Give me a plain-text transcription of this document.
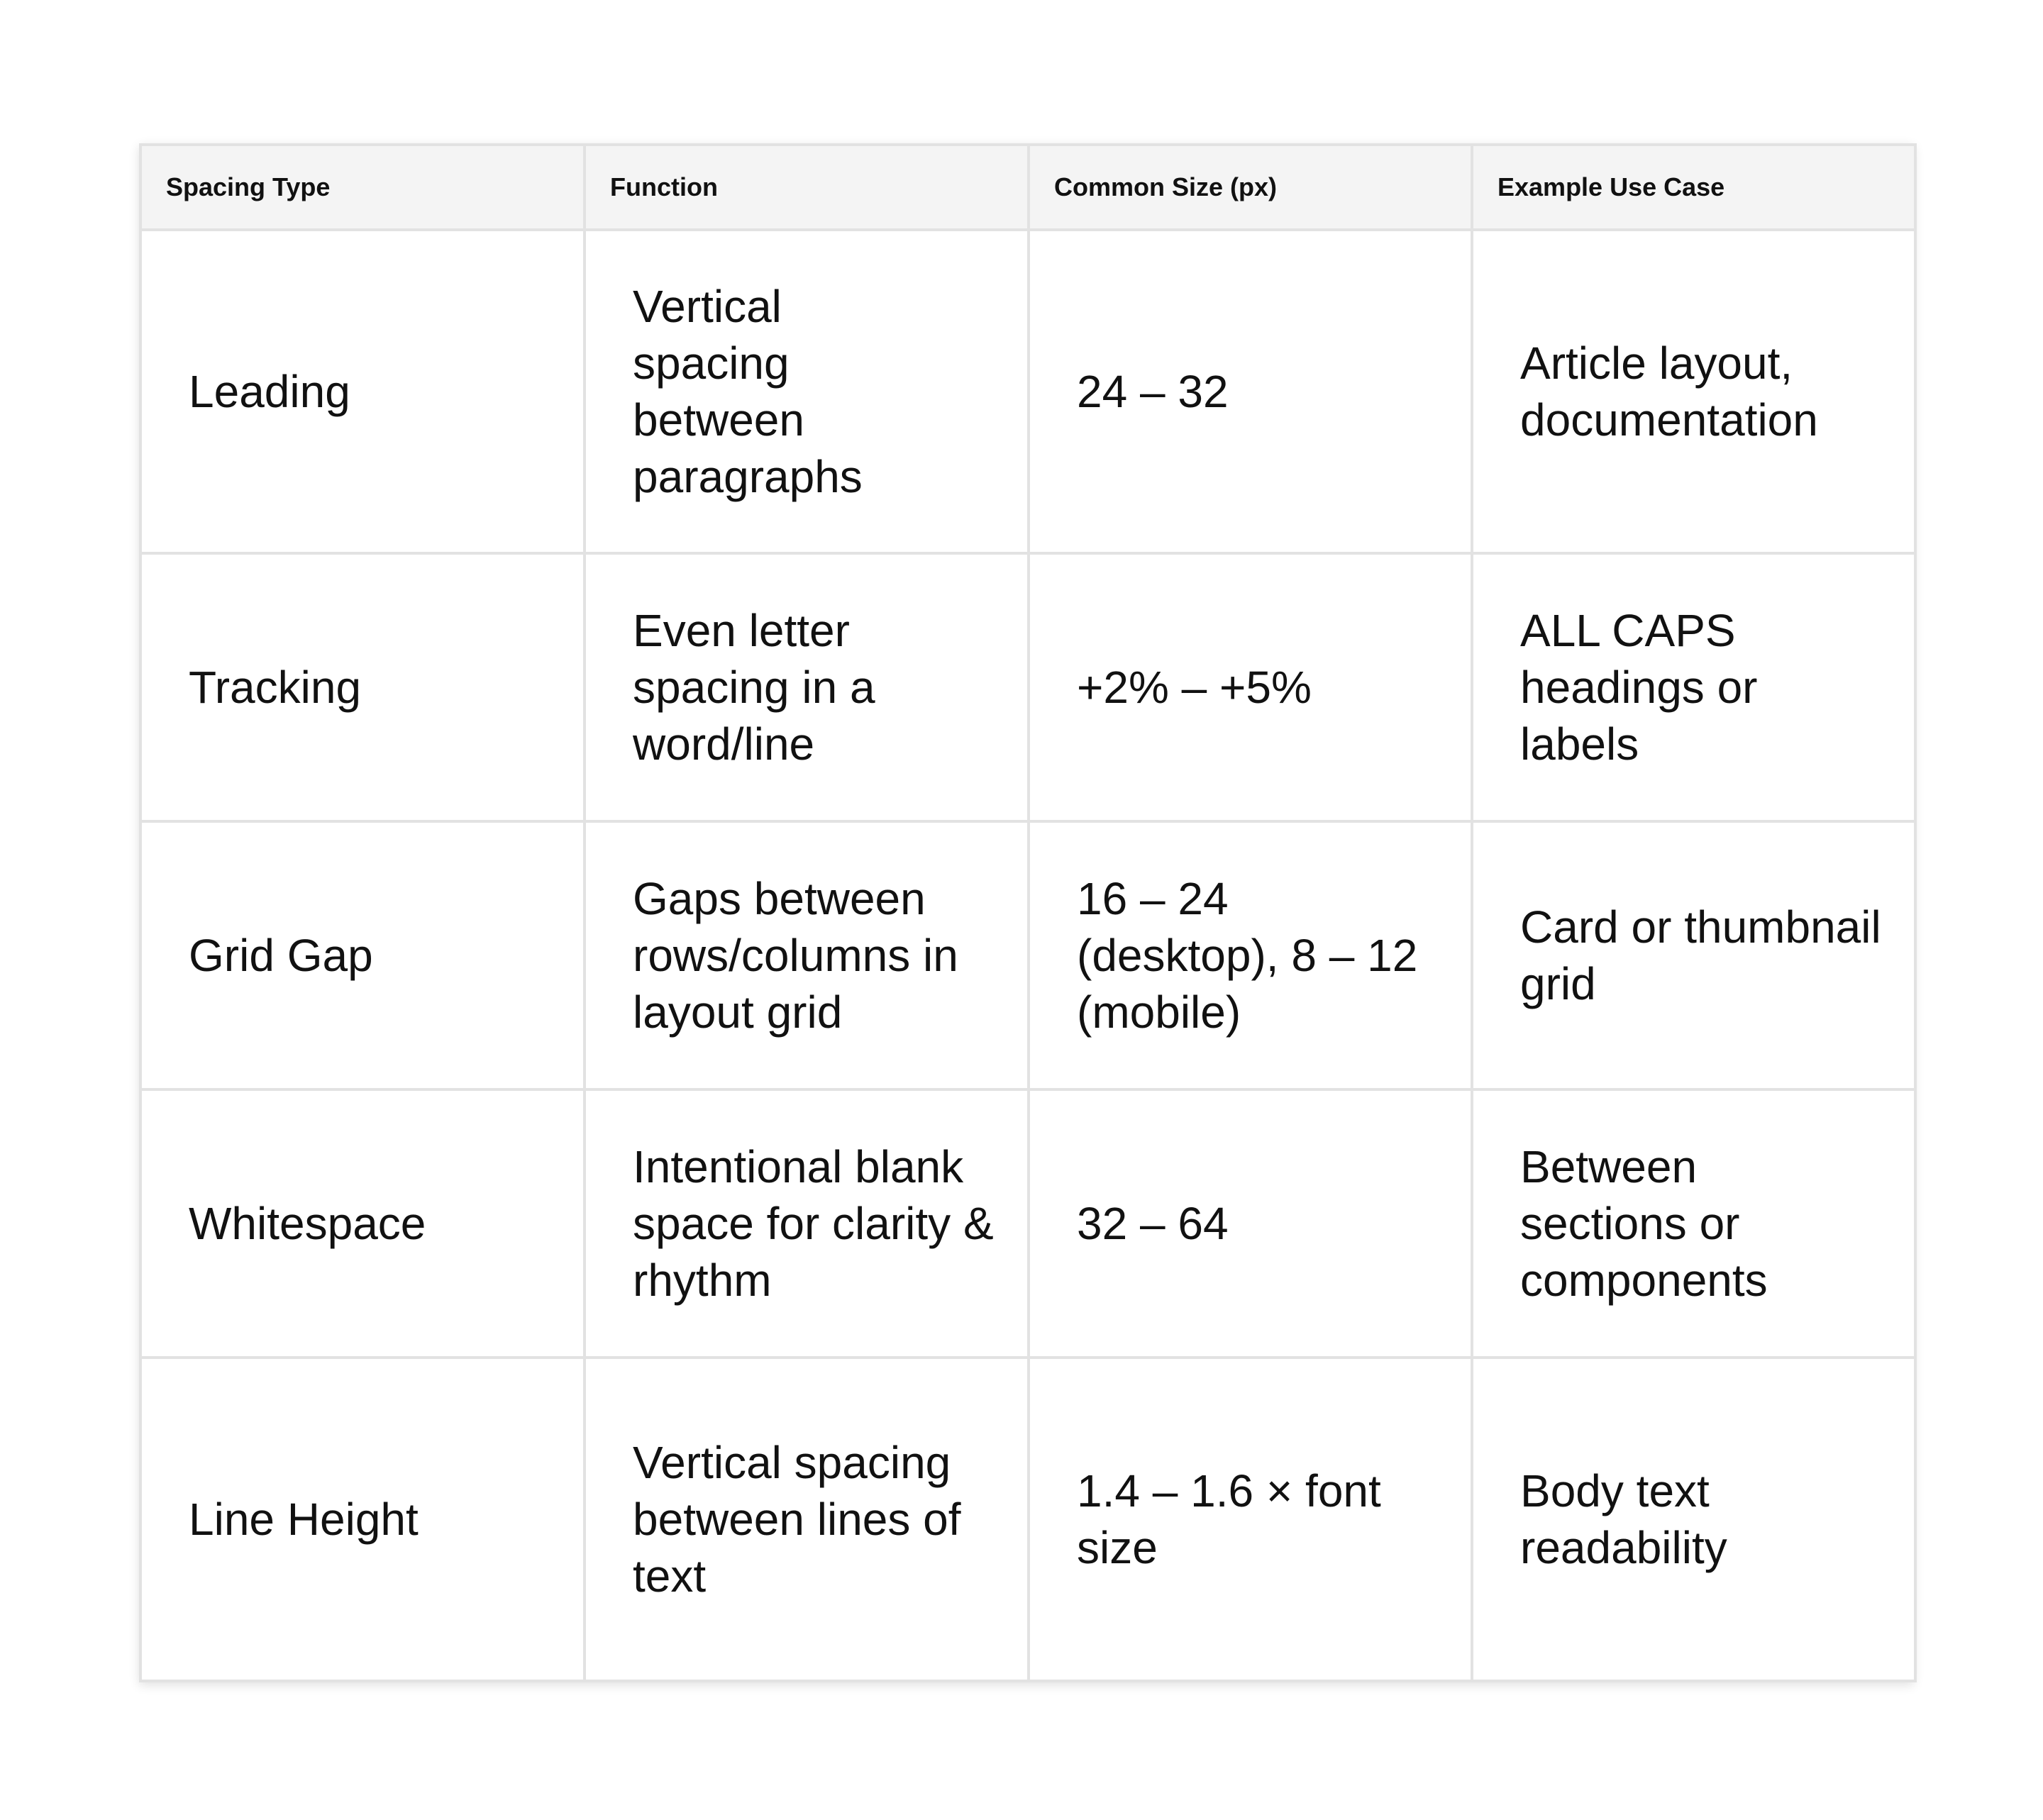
Spacing Type	Function	Common Size (px)	Example Use Case
Leading	Vertical spacing between paragraphs	24 – 32	Article layout, documentation
Tracking	Even letter spacing in a word/line	+2% – +5%	ALL CAPS headings or labels
Grid Gap	Gaps between rows/columns in layout grid	16 – 24 (desktop), 8 – 12 (mobile)	Card or thumbnail grid
Whitespace	Intentional blank space for clarity & rhythm	32 – 64	Between sections or components
Line Height	Vertical spacing between lines of text	1.4 – 1.6 × font size	Body text readability
